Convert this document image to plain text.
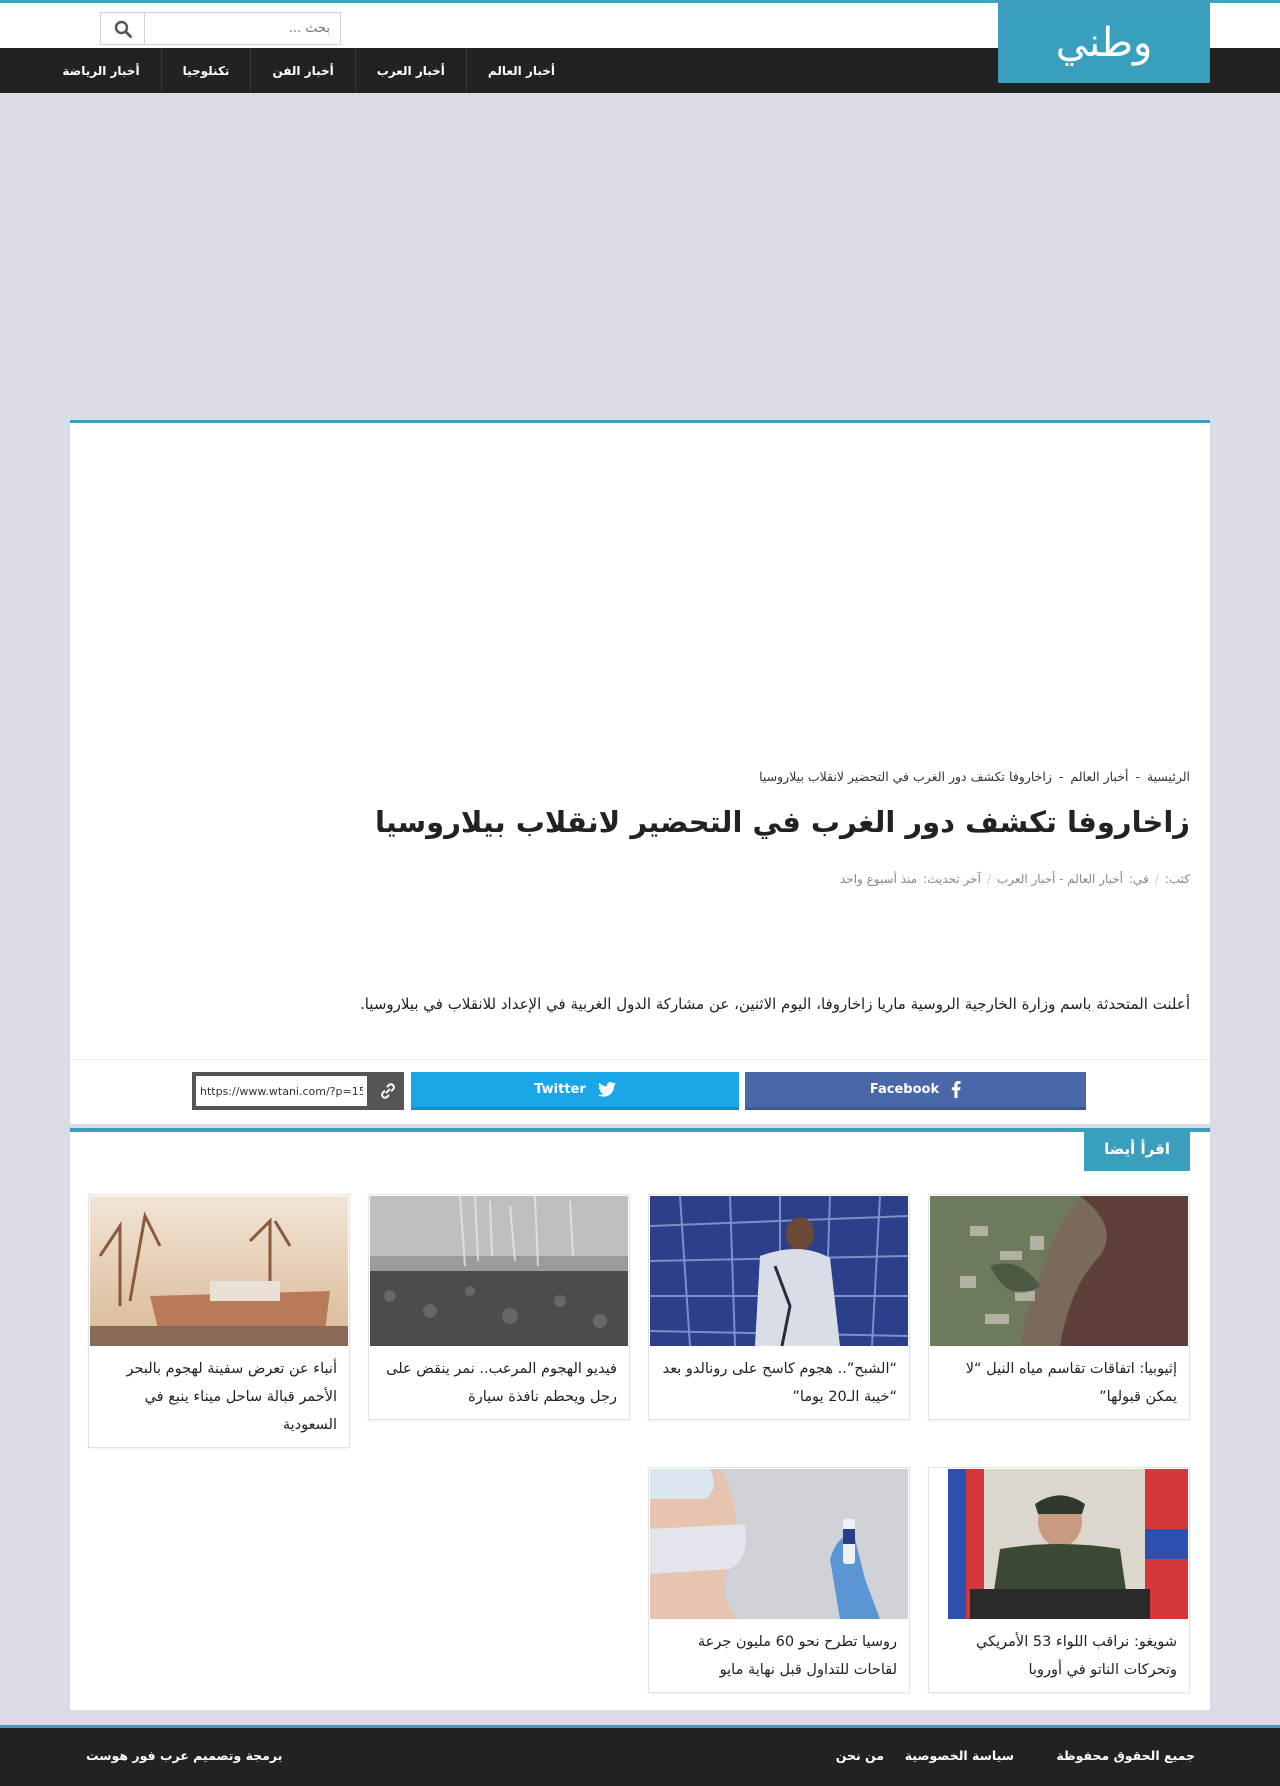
بحث ...
وطني
أخبار العالم
أخبار العرب
أخبار الفن
تكنلوجيا
أخبار الرياضة
الرئيسية - أخبار العالم - زاخاروفا تكشف دور الغرب في التحضير لانقلاب بيلاروسيا
زاخاروفا تكشف دور الغرب في التحضير لانقلاب بيلاروسيا
كتب:
/
في:
أخبار العالم - أخبار العرب
/
آخر تحديث:
منذ أسبوع واحد

أعلنت المتحدثة باسم وزارة الخارجية الروسية ماريا زاخاروفا، اليوم الاثنين، عن مشاركة الدول الغربية في الإعداد للانقلاب في بيلاروسيا.

Facebook
Twitter
https://www.wtani.com/?p=153037
اقرأ أيضا
إثيوبيا: اتفاقات تقاسم مياه النيل “لا يمكن قبولها”
“الشبح”.. هجوم كاسح على رونالدو بعد “خيبة الـ20 يوما”
فيديو الهجوم المرعب.. نمر ينقض على رجل ويحطم نافذة سيارة
أنباء عن تعرض سفينة لهجوم بالبحر الأحمر قبالة ساحل ميناء ينبع في السعودية
شويغو: نراقب اللواء 53 الأمريكي وتحركات الناتو في أوروبا
روسيا تطرح نحو 60 مليون جرعة لقاحات للتداول قبل نهاية مايو
جميع الحقوق محفوظة
سياسة الخصوصية
من نحن
برمجة وتصميم عرب فور هوست
